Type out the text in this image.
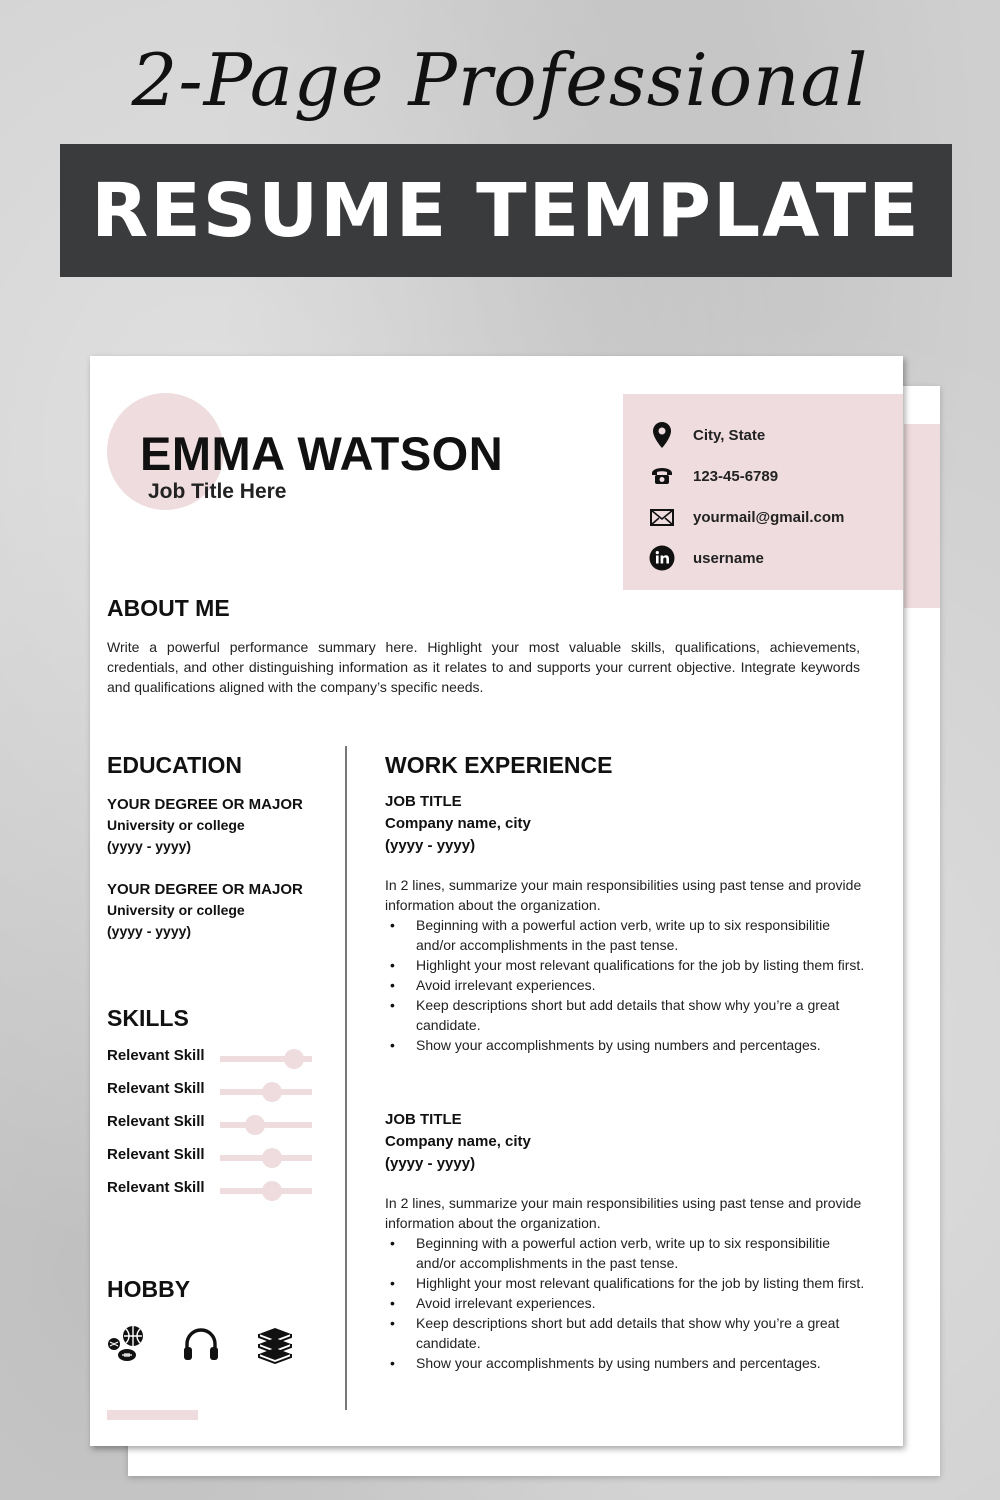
2-Page Professional
RESUME TEMPLATE
EMMA WATSON
Job Title Here
City, State
123-45-6789
yourmail@gmail.com
username
ABOUT ME
Write a powerful performance summary here. Highlight your most valuable skills, qualifications, achievements, credentials, and other distinguishing information as it relates to and supports your current objective. Integrate keywords and qualifications aligned with the company’s specific needs.
EDUCATION
YOUR DEGREE OR MAJOR
University or college
(yyyy - yyyy)
YOUR DEGREE OR MAJOR
University or college
(yyyy - yyyy)
SKILLS
Relevant Skill
Relevant Skill
Relevant Skill
Relevant Skill
Relevant Skill
HOBBY
WORK EXPERIENCE
JOB TITLE
Company name, city
(yyyy - yyyy)
In 2 lines, summarize your main responsibilities using past tense and provide information about the organization.
• Beginning with a powerful action verb, write up to six responsibilitie and/or accomplishments in the past tense.
• Highlight your most relevant qualifications for the job by listing them first.
• Avoid irrelevant experiences.
• Keep descriptions short but add details that show why you’re a great candidate.
• Show your accomplishments by using numbers and percentages.
JOB TITLE
Company name, city
(yyyy - yyyy)
In 2 lines, summarize your main responsibilities using past tense and provide information about the organization.
• Beginning with a powerful action verb, write up to six responsibilitie and/or accomplishments in the past tense.
• Highlight your most relevant qualifications for the job by listing them first.
• Avoid irrelevant experiences.
• Keep descriptions short but add details that show why you’re a great candidate.
• Show your accomplishments by using numbers and percentages.
